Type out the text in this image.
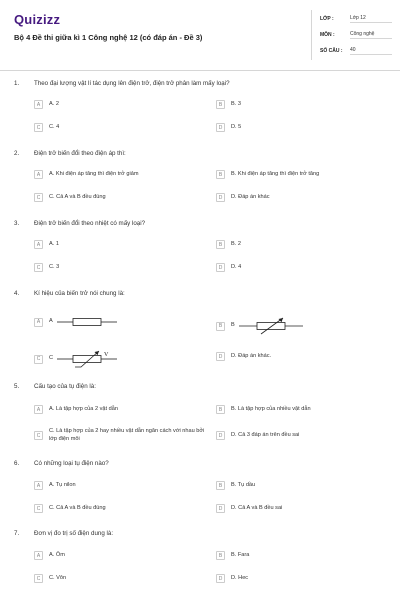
Quizizz
Bộ 4 Đề thi giữa kì 1 Công nghệ 12 (có đáp án - Đề 3)
LỚP :	Lớp 12
MÔN :	Công nghệ
SỐ CÂU :	40
1. Theo đại lượng vật lí tác dụng lên điện trở, điện trở phân làm mấy loại?
A	A. 2	B	B. 3
C	C. 4	D	D. 5
2. Điện trở biến đổi theo điện áp thì:
A	A. Khi điện áp tăng thì điện trở giảm	B	B. Khi điện áp tăng thì điện trở tăng
C	C. Cả A và B đều đúng	D	D. Đáp án khác
3. Điện trở biến đổi theo nhiệt có mấy loại?
A	A. 1	B	B. 2
C	C. 3	D	D. 4
4. Kí hiệu của biến trở nói chung là:
A	A
B	B
C	C
V	D	D. Đáp án khác.
5. Cấu tạo của tụ điện là:
A	A. Là tập hợp của 2 vật dẫn	B	B. Là tập hợp của nhiều vật dẫn
C
C. Là tập hợp của 2 hay nhiều vật dẫn ngăn cách với nhau bởi lớp điện môi	D	D. Cả 3 đáp án trên đều sai
6. Có những loại tụ điện nào?
A	A. Tụ nilon	B	B. Tụ dầu
C	C. Cả A và B đều đúng	D	D. Cả A và B đều sai
7. Đơn vị đo trị số điện dung là:
A	A. Ôm	B	B. Fara
C	C. Vôn	D	D. Hec
